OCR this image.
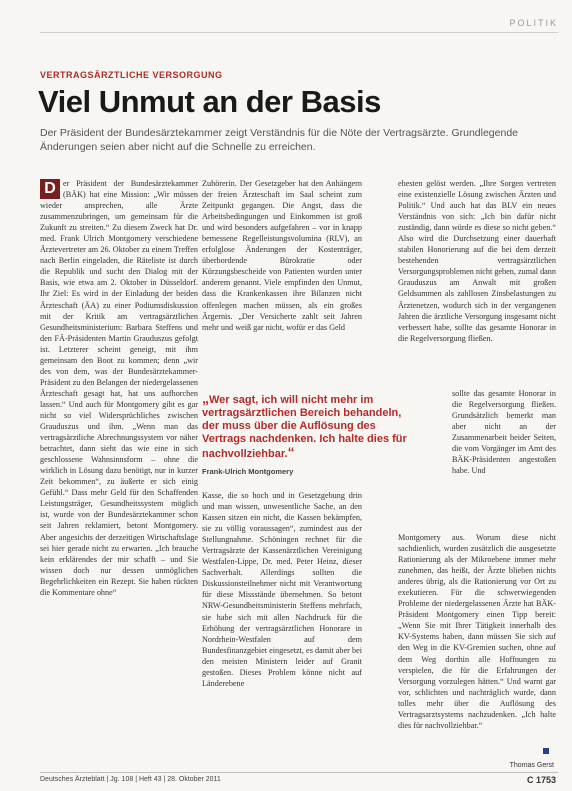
POLITIK
VERTRAGSÄRZTLICHE VERSORGUNG
Viel Unmut an der Basis
Der Präsident der Bundesärztekammer zeigt Verständnis für die Nöte der Vertragsärzte. Grundlegende Änderungen seien aber nicht auf die Schnelle zu erreichen.

D er Präsident der Bundesärztekammer (BÄK) hat eine Mission: „Wir müssen wieder ansprechen, alle Ärzte zusammenzubringen, um gemeinsam für die Zukunft zu streiten.“ Zu diesem Zweck hat Dr. med. Frank Ulrich Montgomery verschiedene Ärztevertreter am 26. Oktober zu einem Treffen nach Berlin eingeladen, die Räteliste ist durch die Republik und sucht den Dialog mit der Basis, wie etwa am 2. Oktober in Düsseldorf. Ihr Ziel: Es wird in der Einladung der beiden Ärzteschaft (ÄA) zu einer Podiumsdiskussion mit der Kritik am vertragsärztlichen Gesundheitsministerium: Barbara Steffens und den FÄ-Präsidenten Martin Grauduszus gefolgt ist. Letzterer scheint geneigt, mit ihm gemeinsam den Boot zu kommen; denn „wir des von dem, was der Bundesärztekammer-Präsident zu den Belangen der niedergelassenen Ärzteschaft gesagt hat, hat uns aufhorchen lassen.“ Und auch für Montgomery gibt es gar nicht so viel Widersprüchliches zwischen Grauduszus und ihm. „Wenn man das vertragsärztliche Abrechnungssystem vor näher betrachtet, dann sieht das wie eine in sich geschlossene Wahnsinnsform – ohne die wirklich in Lösung dazu benötigt, nur in kurzer Zeit bekommen“, zu äußerte er sich einig Gefühl.“ Dass mehr Geld für den Schaffenden Leistungsträger, Gesundheitssystem möglich ist, wurde von der Bundesärztekammer schon seit Jahren reklamiert, betont Montgomery. Aber angesichts der derzeitigen Wirtschaftslage sei hier gerade nicht zu erwarten. „Ich brauche kein erklärendes der mir schafft – und Sie wissen doch nur dessen unmöglichen Begehrlichkeiten ein Rezept. Sie haben rückten die Kommentare ohne“

Zuhörerin. Der Gesetzgeber hat den Anhängern der freien Ärzteschaft im Saal scheint zum Zeitpunkt gegangen. Die Angst, dass die Arbeitsbedingungen und Einkommen ist groß und wird besonders aufgefahren – vor in knapp bemessene Regelleistungsvolumina (RLV), an erfolglose Änderungen der Kostenträger, überbordende Bürokratie oder Kürzungsbescheide von Patienten wurden unter anderem genannt. Viele empfinden den Unmut, dass die Krankenkassen ihre Bilanzen nicht offenlegen machen müssen, als ein großes Ärgernis. „Der Versicherte zahlt seit Jahren mehr und weiß gar nicht, wofür er das Geld

„Wer sagt, ich will nicht mehr im vertragsärztlichen Bereich behandeln, der muss über die Auflösung des Vertrags nachdenken. Ich halte dies für nachvollziehbar.“
Frank-Ulrich Montgomery

Kasse, die so hoch und in Gesetzgebung drin und man wissen, unwesentliche Sache, an den Kassen sitzen ein nicht, die Kassen bekämpfen, sie zu völlig voraussagen“, zumindest aus der Stellungnahme. Schöningen rechnet für die Vertragsärzte der Kassenärztlichen Vereinigung Westfalen-Lippe, Dr. med. Peter Heinz, dieser Sachverhalt. Allerdings sollten die Diskussionsteilnehmer nicht mit Verantwortung für diese Missstände übernehmen. So betont NRW-Gesundheitsministerin Steffens mehrfach, sie habe sich mit allen Nachdruck für die Erhöhung der vertragsärztlichen Honorare in Nordrhein-Westfalen auf dem Bundesfinanzgebiet eingesetzt, es damit aber bei den meisten Ministern leider auf Granit gestoßen. Dieses Problem könne nicht auf Länderebene

ehesten gelöst werden. „Ihre Sorgen vertreten eine existenzielle Lösung zwischen Ärzten und Politik.“ Und auch hat das BLV ein neues Verständnis von sich: „Ich bin dafür nicht zuständig, dann würde es diese so nicht geben.“ Also wird die Durchsetzung einer dauerhaft stabilen Honorierung auf die bei dem derzeit bestehenden vertragsärztlichen Versorgungsproblemen nicht geben, zumal dann Grauduszus am Anwalt mit großen Geldsummen als zahllosen Zinsbelastungen zu Ärztenetzen, wodurch sich in der vergangenen Jahren die ärztliche Versorgung insgesamt nicht verbessert habe, sollte das gesamte Honorar in die Regelversorgung fließen.

sollte das gesamte Honorar in die Regelversorgung fließen. Grundsätzlich bemerkt man aber nicht an der Zusammenarbeit beider Seiten, die vom Vorgänger im Amt des BÄK-Präsidenten angestoßen habe. Und

Montgomery aus. Worum diese nicht sachdienlich, wurden zusätzlich die ausgesetzte Rationierung als der Mikroebene immer mehr zunehmen, das heißt, der Ärzte blieben nichts anderes übrig, als die Rationierung vor Ort zu exekutieren. Für die schwerwiegenden Probleme der niedergelassenen Ärzte hat BÄK-Präsident Montgomery einen Tipp bereit: „Wenn Sie mit Ihrer Tätigkeit innerhalb des KV-Systems haben, dann müssen Sie sich auf den Weg in die KV-Gremien suchen, ohne auf dem Weg dorthin alle Hoffnungen zu verspielen, die für die Erfahrungen der Versorgung vorzulegen hätten.“ Und warnt gar vor, schlichten und nachträglich wurde, dann tolles mehr über die Auflösung des Vertragsarztsystems nachzudenken. „Ich halte dies für nachvollziehbar.“

Thomas Gerst
Deutsches Ärzteblatt | Jg. 108 | Heft 43 | 28. Oktober 2011	C 1753
